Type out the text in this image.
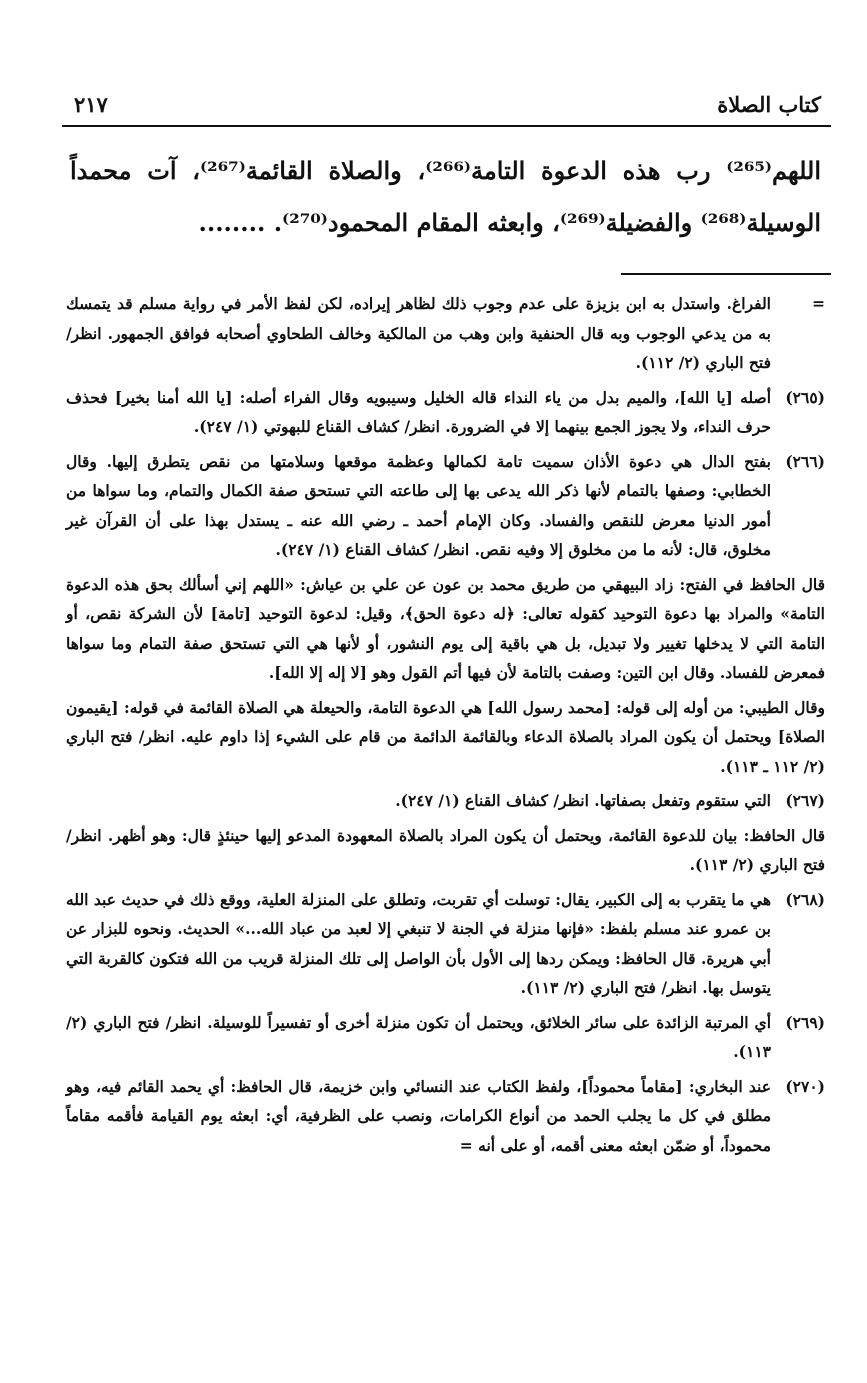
كتاب الصلاة
٢١٧

اللهم⁽²⁶⁵⁾ رب هذه الدعوة التامة⁽²⁶⁶⁾، والصلاة القائمة⁽²⁶⁷⁾، آت محمداً الوسيلة⁽²⁶⁸⁾ والفضيلة⁽²⁶⁹⁾، وابعثه المقام المحمود⁽²⁷⁰⁾. ........

=

الفراغ. واستدل به ابن بزيزة على عدم وجوب ذلك لظاهر إيراده، لكن لفظ الأمر في رواية مسلم قد يتمسك به من يدعي الوجوب وبه قال الحنفية وابن وهب من المالكية وخالف الطحاوي أصحابه فوافق الجمهور. انظر/ فتح الباري (٢/ ١١٢).

(٢٦٥)

أصله [يا الله]، والميم بدل من ياء النداء قاله الخليل وسيبويه وقال الفراء أصله: [يا الله أمنا بخير] فحذف حرف النداء، ولا يجوز الجمع بينهما إلا في الضرورة. انظر/ كشاف القناع للبهوتي (١/ ٢٤٧).

(٢٦٦)

بفتح الدال هي دعوة الأذان سميت تامة لكمالها وعظمة موقعها وسلامتها من نقص يتطرق إليها. وقال الخطابي: وصفها بالتمام لأنها ذكر الله يدعى بها إلى طاعته التي تستحق صفة الكمال والتمام، وما سواها من أمور الدنيا معرض للنقص والفساد. وكان الإمام أحمد ـ رضي الله عنه ـ يستدل بهذا على أن القرآن غير مخلوق، قال: لأنه ما من مخلوق إلا وفيه نقص. انظر/ كشاف القناع (١/ ٢٤٧).

قال الحافظ في الفتح: زاد البيهقي من طريق محمد بن عون عن علي بن عياش: «اللهم إني أسألك بحق هذه الدعوة التامة» والمراد بها دعوة التوحيد كقوله تعالى: ﴿له دعوة الحق﴾، وقيل: لدعوة التوحيد [تامة] لأن الشركة نقص، أو التامة التي لا يدخلها تغيير ولا تبديل، بل هي باقية إلى يوم النشور، أو لأنها هي التي تستحق صفة التمام وما سواها فمعرض للفساد. وقال ابن التين: وصفت بالتامة لأن فيها أتم القول وهو [لا إله إلا الله].

وقال الطيبي: من أوله إلى قوله: [محمد رسول الله] هي الدعوة التامة، والحيعلة هي الصلاة القائمة في قوله: [يقيمون الصلاة] ويحتمل أن يكون المراد بالصلاة الدعاء وبالقائمة الدائمة من قام على الشيء إذا داوم عليه. انظر/ فتح الباري (٢/ ١١٢ ـ ١١٣).

(٢٦٧)

التي ستقوم وتفعل بصفاتها. انظر/ كشاف القناع (١/ ٢٤٧).

قال الحافظ: بيان للدعوة القائمة، ويحتمل أن يكون المراد بالصلاة المعهودة المدعو إليها حينئذٍ قال: وهو أظهر. انظر/ فتح الباري (٢/ ١١٣).

(٢٦٨)

هي ما يتقرب به إلى الكبير، يقال: توسلت أي تقربت، وتطلق على المنزلة العلية، ووقع ذلك في حديث عبد الله بن عمرو عند مسلم بلفظ: «فإنها منزلة في الجنة لا تنبغي إلا لعبد من عباد الله...» الحديث. ونحوه للبزار عن أبي هريرة. قال الحافظ: ويمكن ردها إلى الأول بأن الواصل إلى تلك المنزلة قريب من الله فتكون كالقربة التي يتوسل بها. انظر/ فتح الباري (٢/ ١١٣).

(٢٦٩)

أي المرتبة الزائدة على سائر الخلائق، ويحتمل أن تكون منزلة أخرى أو تفسيراً للوسيلة. انظر/ فتح الباري (٢/ ١١٣).

(٢٧٠)

عند البخاري: [مقاماً محموداً]، ولفظ الكتاب عند النسائي وابن خزيمة، قال الحافظ: أي يحمد القائم فيه، وهو مطلق في كل ما يجلب الحمد من أنواع الكرامات، ونصب على الظرفية، أي: ابعثه يوم القيامة فأقمه مقاماً محموداً، أو ضمّن ابعثه معنى أقمه، أو على أنه =
